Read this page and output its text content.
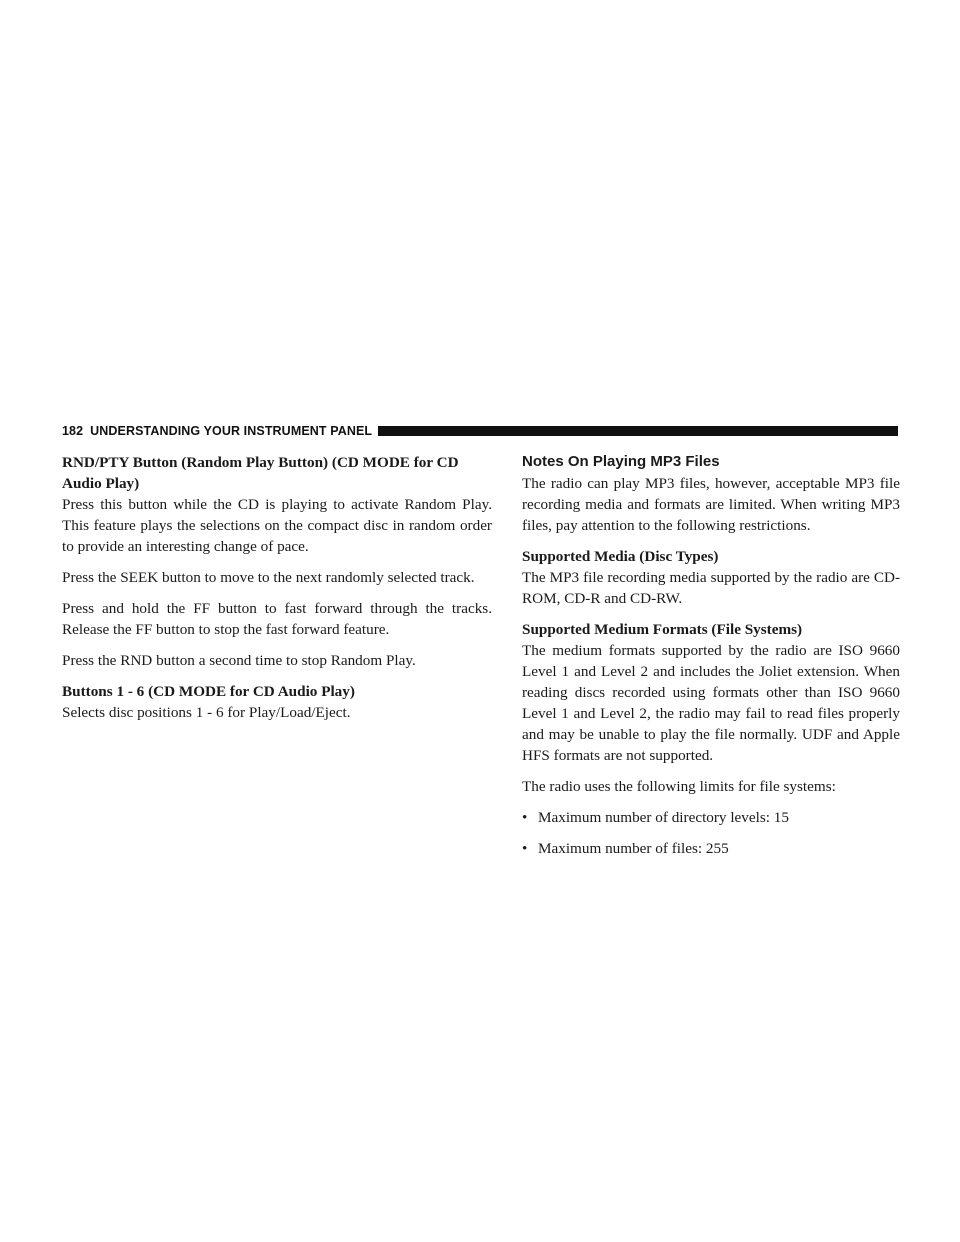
182 UNDERSTANDING YOUR INSTRUMENT PANEL
RND/PTY Button (Random Play Button) (CD MODE for CD Audio Play)

Press this button while the CD is playing to activate Random Play. This feature plays the selections on the compact disc in random order to provide an interesting change of pace.

Press the SEEK button to move to the next randomly selected track.

Press and hold the FF button to fast forward through the tracks. Release the FF button to stop the fast forward feature.

Press the RND button a second time to stop Random Play.

Buttons 1 - 6 (CD MODE for CD Audio Play)

Selects disc positions 1 - 6 for Play/Load/Eject.

Notes On Playing MP3 Files

The radio can play MP3 files, however, acceptable MP3 file recording media and formats are limited. When writing MP3 files, pay attention to the following restrictions.

Supported Media (Disc Types)

The MP3 file recording media supported by the radio are CD-ROM, CD-R and CD-RW.

Supported Medium Formats (File Systems)

The medium formats supported by the radio are ISO 9660 Level 1 and Level 2 and includes the Joliet extension. When reading discs recorded using formats other than ISO 9660 Level 1 and Level 2, the radio may fail to read files properly and may be unable to play the file normally. UDF and Apple HFS formats are not supported.

The radio uses the following limits for file systems:

• Maximum number of directory levels: 15
• Maximum number of files: 255
